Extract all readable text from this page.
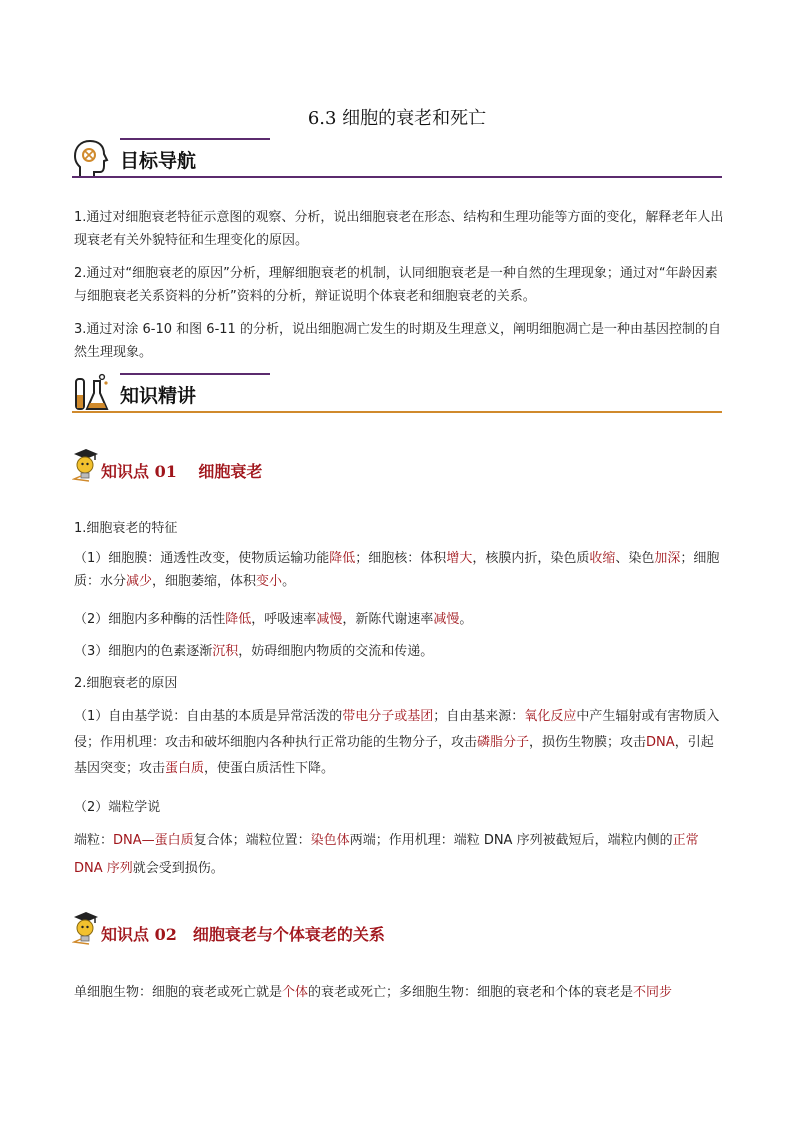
6.3 细胞的衰老和死亡
目标导航

1.通过对细胞衰老特征示意图的观察、分析，说出细胞衰老在形态、结构和生理功能等方面的变化，解释老年人出现衰老有关外貌特征和生理变化的原因。

2.通过对“细胞衰老的原因”分析，理解细胞衰老的机制，认同细胞衰老是一种自然的生理现象；通过对“年龄因素与细胞衰老关系资料的分析”资料的分析，辩证说明个体衰老和细胞衰老的关系。

3.通过对涂 6-10 和图 6-11 的分析，说出细胞凋亡发生的时期及生理意义，阐明细胞凋亡是一种由基因控制的自然生理现象。

知识精讲
知识点 01　 细胞衰老

1.细胞衰老的特征

（1）细胞膜：通透性改变，使物质运输功能降低；细胞核：体积增大，核膜内折，染色质收缩、染色加深；细胞质：水分减少，细胞萎缩，体积变小。

（2）细胞内多种酶的活性降低，呼吸速率减慢，新陈代谢速率减慢。

（3）细胞内的色素逐渐沉积，妨碍细胞内物质的交流和传递。

2.细胞衰老的原因

（1）自由基学说：自由基的本质是异常活泼的带电分子或基团；自由基来源：氧化反应中产生辐射或有害物质入侵；作用机理：攻击和破坏细胞内各种执行正常功能的生物分子，攻击磷脂分子，损伤生物膜；攻击DNA，引起基因突变；攻击蛋白质，使蛋白质活性下降。

（2）端粒学说

端粒：DNA—蛋白质复合体；端粒位置：染色体两端；作用机理：端粒 DNA 序列被截短后，端粒内侧的正常 DNA 序列就会受到损伤。

知识点 02　细胞衰老与个体衰老的关系

单细胞生物：细胞的衰老或死亡就是个体的衰老或死亡；多细胞生物：细胞的衰老和个体的衰老是不同步
